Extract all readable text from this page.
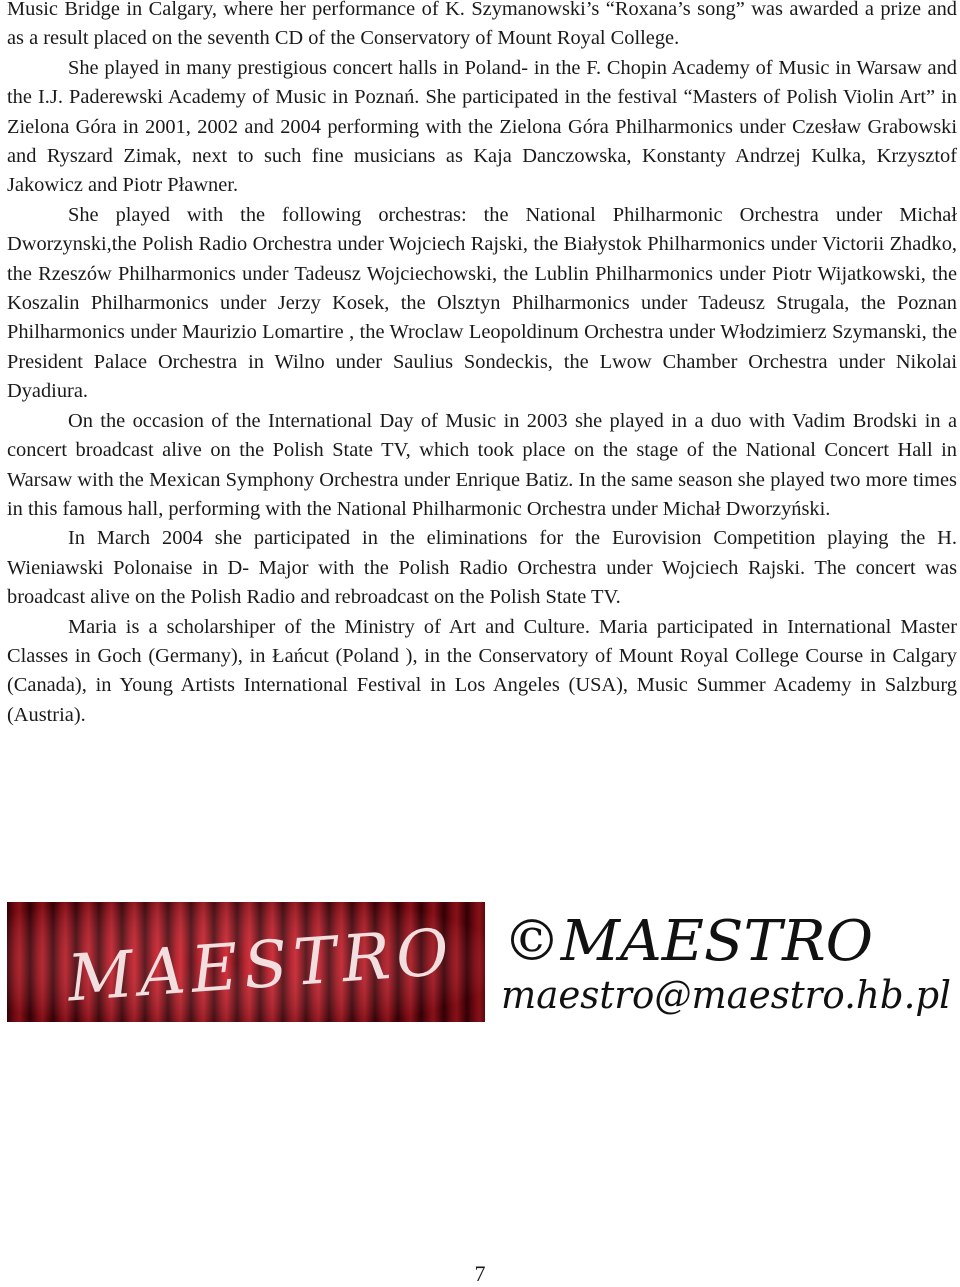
Music Bridge in Calgary, where her performance of K. Szymanowski’s “Roxana’s song” was awarded a prize and as a result placed on the seventh CD of the Conservatory of Mount Royal College.

She played in many prestigious concert halls in Poland- in the F. Chopin Academy of Music in Warsaw and the I.J. Paderewski Academy of Music in Poznań. She participated in the festival “Masters of Polish Violin Art” in Zielona Góra in 2001, 2002 and 2004 performing with the Zielona Góra Philharmonics under Czesław Grabowski and Ryszard Zimak, next to such fine musicians as Kaja Danczowska, Konstanty Andrzej Kulka, Krzysztof Jakowicz and Piotr Pławner.

She played with the following orchestras: the National Philharmonic Orchestra under Michał Dworzynski,the Polish Radio Orchestra under Wojciech Rajski, the Białystok Philharmonics under Victorii Zhadko, the Rzeszów Philharmonics under Tadeusz Wojciechowski, the Lublin Philharmonics under Piotr Wijatkowski, the Koszalin Philharmonics under Jerzy Kosek, the Olsztyn Philharmonics under Tadeusz Strugala, the Poznan Philharmonics under Maurizio Lomartire , the Wroclaw Leopoldinum Orchestra under Włodzimierz Szymanski, the President Palace Orchestra in Wilno under Saulius Sondeckis, the Lwow Chamber Orchestra under Nikolai Dyadiura.

On the occasion of the International Day of Music in 2003 she played in a duo with Vadim Brodski in a concert broadcast alive on the Polish State TV, which took place on the stage of the National Concert Hall in Warsaw with the Mexican Symphony Orchestra under Enrique Batiz. In the same season she played two more times in this famous hall, performing with the National Philharmonic Orchestra under Michał Dworzyński.

In March 2004 she participated in the eliminations for the Eurovision Competition playing the H. Wieniawski Polonaise in D- Major with the Polish Radio Orchestra under Wojciech Rajski. The concert was broadcast alive on the Polish Radio and rebroadcast on the Polish State TV.

Maria is a scholarshiper of the Ministry of Art and Culture. Maria participated in International Master Classes in Goch (Germany), in Łańcut (Poland ), in the Conservatory of Mount Royal College Course in Calgary (Canada), in Young Artists International Festival in Los Angeles (USA), Music Summer Academy in Salzburg (Austria).

MAESTRO ©MAESTRO
maestro@maestro.hb.pl
7
